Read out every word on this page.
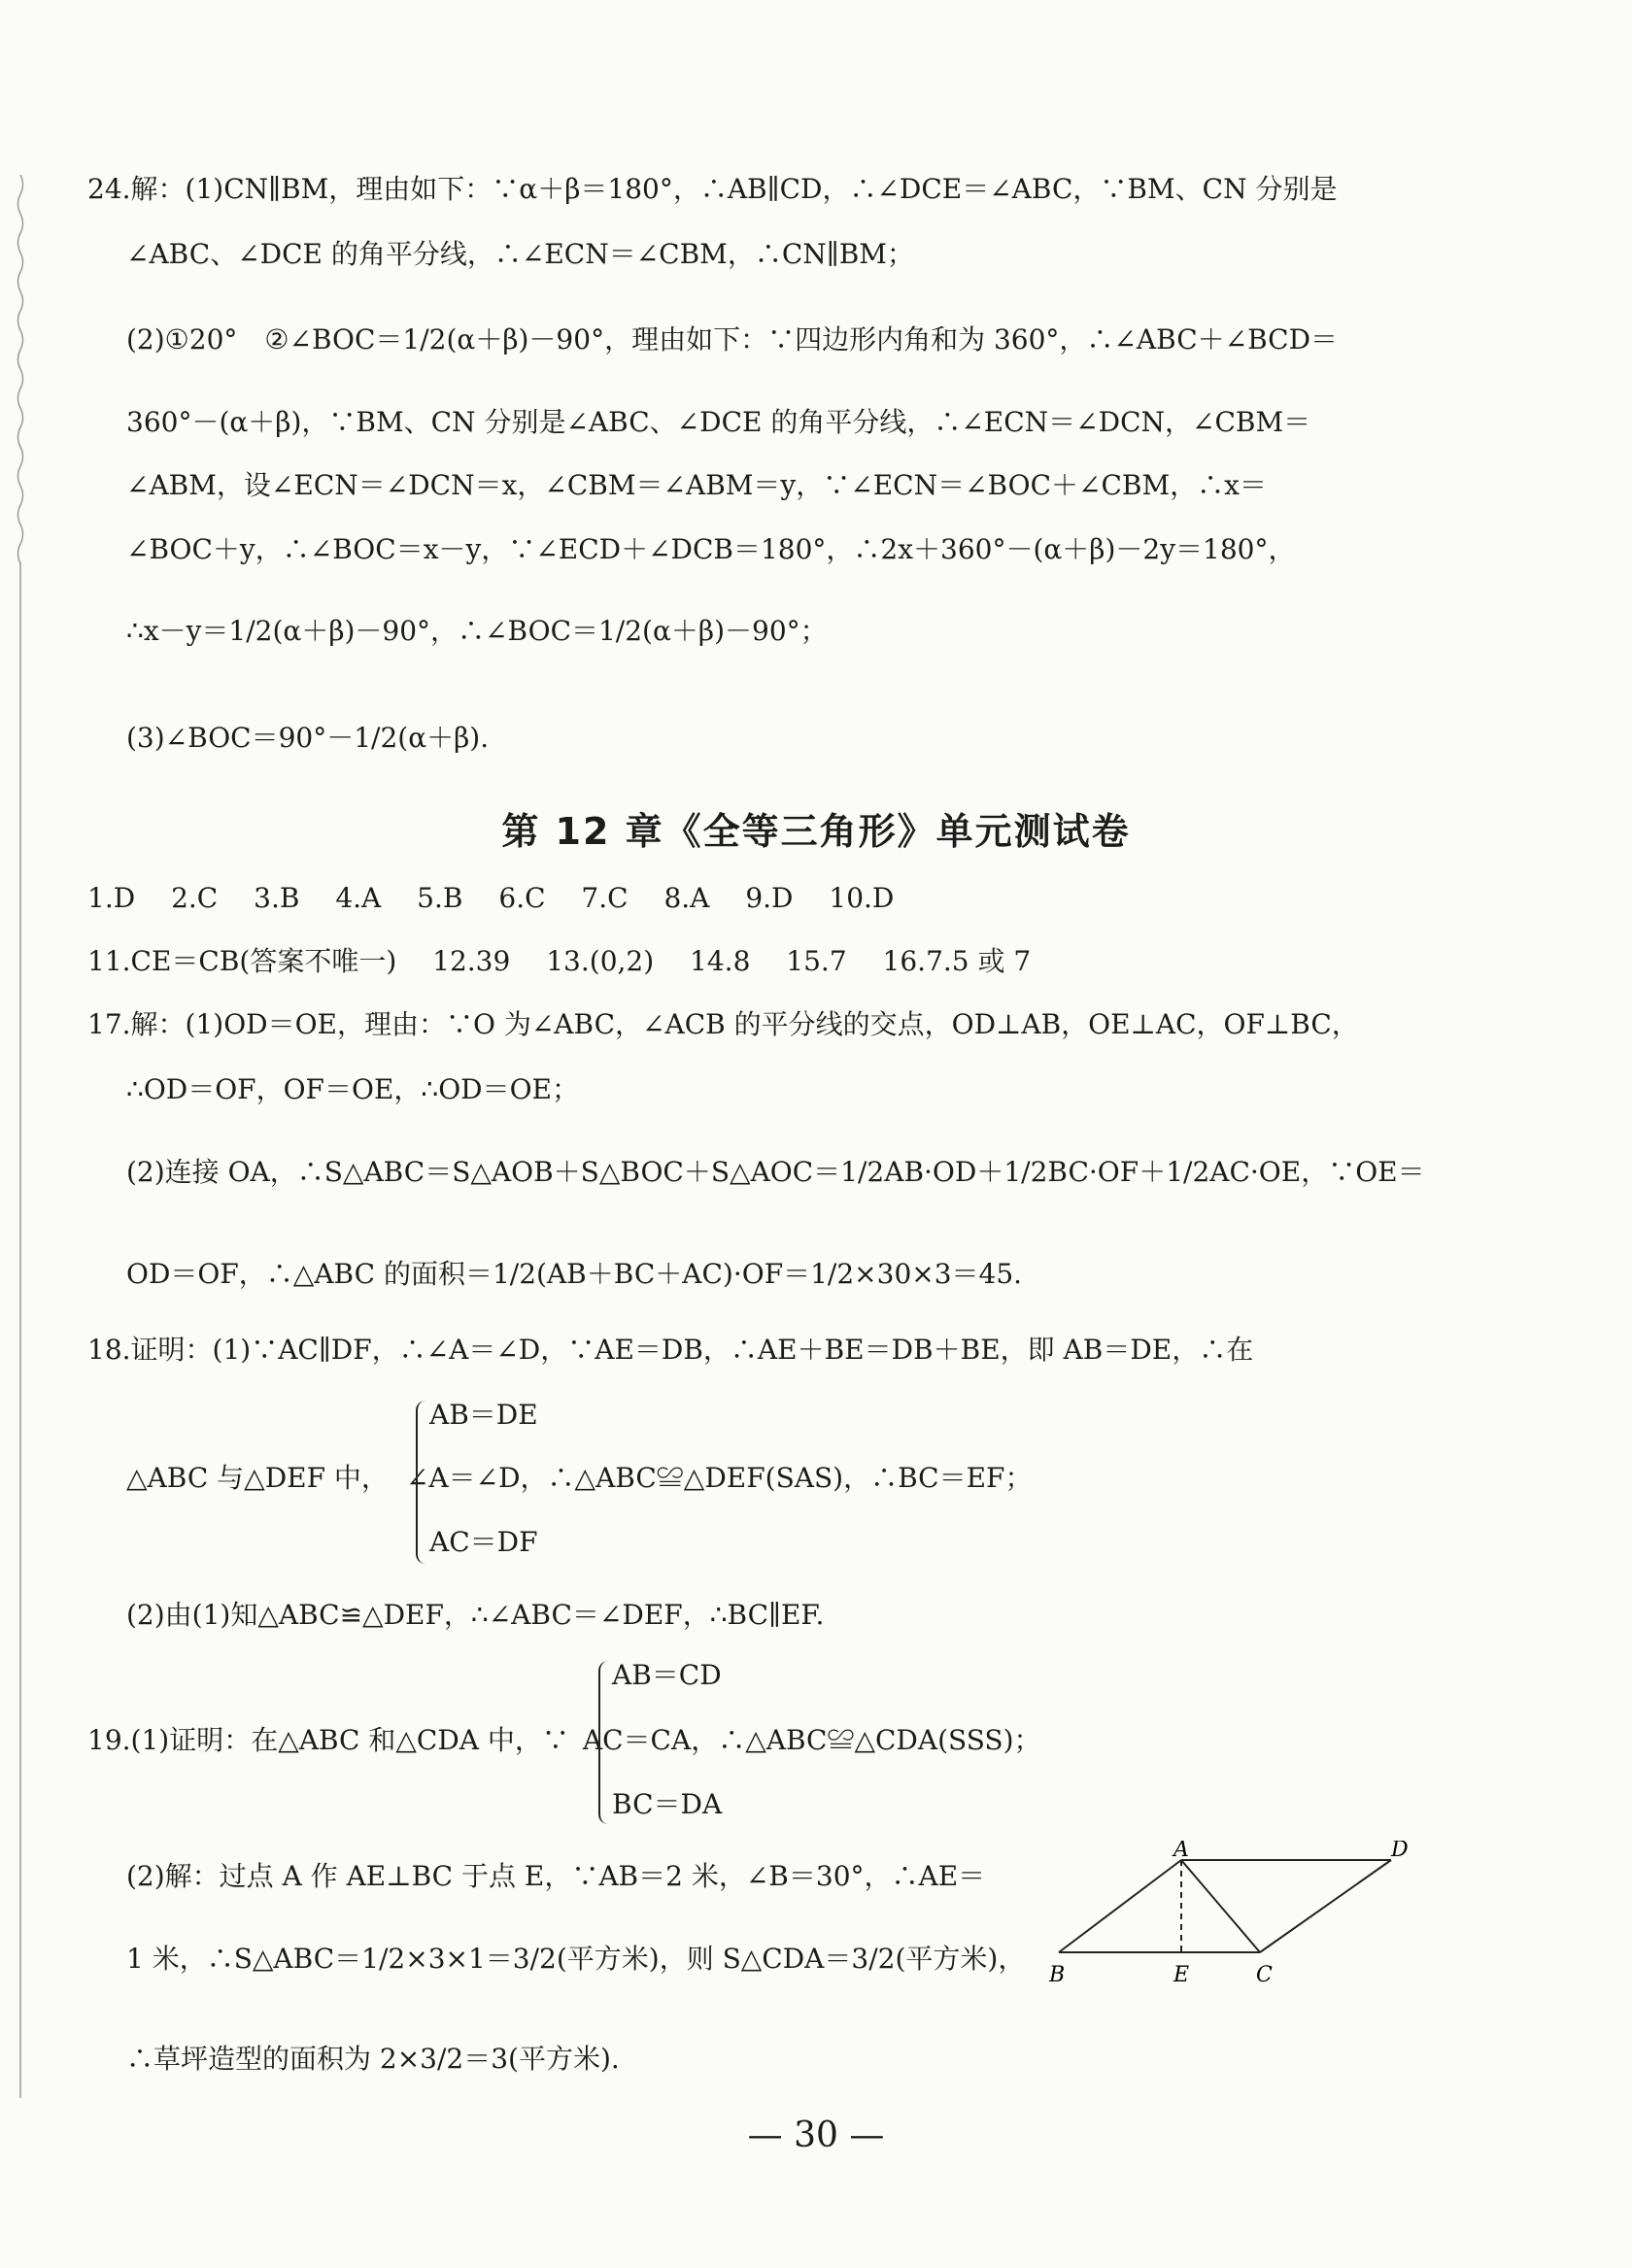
24.解：(1)CN∥BM，理由如下：∵α＋β＝180°，∴AB∥CD，∴∠DCE＝∠ABC，∵BM、CN 分别是
∠ABC、∠DCE 的角平分线，∴∠ECN＝∠CBM，∴CN∥BM；
(2)①20°　②∠BOC＝1/2(α＋β)－90°，理由如下：∵四边形内角和为 360°，∴∠ABC＋∠BCD＝
360°－(α＋β)，∵BM、CN 分别是∠ABC、∠DCE 的角平分线，∴∠ECN＝∠DCN，∠CBM＝
∠ABM，设∠ECN＝∠DCN＝x，∠CBM＝∠ABM＝y，∵∠ECN＝∠BOC＋∠CBM，∴x＝
∠BOC＋y，∴∠BOC＝x－y，∵∠ECD＋∠DCB＝180°，∴2x＋360°－(α＋β)－2y＝180°，
∴x－y＝1/2(α＋β)－90°，∴∠BOC＝1/2(α＋β)－90°；
(3)∠BOC＝90°－1/2(α＋β).
第 12 章《全等三角形》单元测试卷
1.D 2.C 3.B 4.A 5.B 6.C 7.C 8.A 9.D 10.D
11.CE＝CB(答案不唯一) 12.39 13.(0,2) 14.8 15.7 16.7.5 或 7
17.解：(1)OD＝OE，理由：∵O 为∠ABC，∠ACB 的平分线的交点，OD⊥AB，OE⊥AC，OF⊥BC，
∴OD＝OF，OF＝OE，∴OD＝OE；
(2)连接 OA，∴S△ABC＝S△AOB＋S△BOC＋S△AOC＝1/2AB·OD＋1/2BC·OF＋1/2AC·OE，∵OE＝
OD＝OF，∴△ABC 的面积＝1/2(AB＋BC＋AC)·OF＝1/2×30×3＝45.
18.证明：(1)∵AC∥DF，∴∠A＝∠D，∵AE＝DB，∴AE＋BE＝DB＋BE，即 AB＝DE，∴在
AB＝DE
△ABC 与△DEF 中， ∠A＝∠D，∴△ABC≌△DEF(SAS)，∴BC＝EF；
AC＝DF
(2)由(1)知△ABC≌△DEF，∴∠ABC＝∠DEF，∴BC∥EF.
AB＝CD
19.(1)证明：在△ABC 和△CDA 中，∵ AC＝CA，∴△ABC≌△CDA(SSS)；
BC＝DA
(2)解：过点 A 作 AE⊥BC 于点 E，∵AB＝2 米，∠B＝30°，∴AE＝
1 米，∴S△ABC＝1/2×3×1＝3/2(平方米)，则 S△CDA＝3/2(平方米)，
∴草坪造型的面积为 2×3/2＝3(平方米).
A	D
B	E	C
— 30 —
